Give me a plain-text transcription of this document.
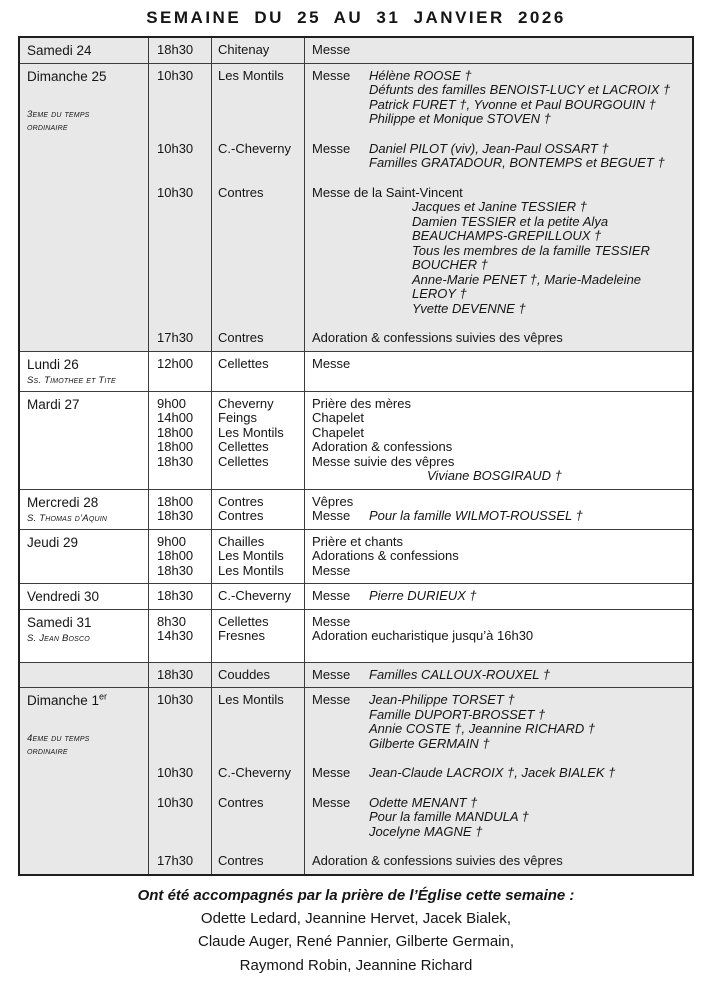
SEMAINE DU 25 AU 31 JANVIER 2026
Samedi 24	18h30	Chitenay	Messe
Dimanche 25
3eme du temps ordinaire
10h30	Les Montils	Messe Hélène ROOSE †
Défunts des familles BENOIST-LUCY et LACROIX †
Patrick FURET †, Yvonne et Paul BOURGOUIN †
Philippe et Monique STOVEN †
10h30	C.-Cheverny	Messe Daniel PILOT (viv), Jean-Paul OSSART †
Familles GRATADOUR, BONTEMPS et BEGUET †
10h30	Contres	Messe de la Saint-Vincent
Jacques et Janine TESSIER †
Damien TESSIER et la petite Alya BEAUCHAMPS-GREPILLOUX †
Tous les membres de la famille TESSIER BOUCHER †
Anne-Marie PENET †, Marie-Madeleine LEROY †
Yvette DEVENNE †
17h30	Contres	Adoration & confessions suivies des vêpres
Lundi 26
Ss. Timothee et Tite
12h00	Cellettes	Messe
Mardi 27	9h00	Cheverny	Prière des mères
14h00	Feings	Chapelet
18h00	Les Montils	Chapelet
18h00	Cellettes	Adoration & confessions
18h30	Cellettes	Messe suivie des vêpres
Viviane BOSGIRAUD †
Mercredi 28
S. Thomas d’Aquin
18h00	Contres	Vêpres
18h30	Contres	Messe Pour la famille WILMOT-ROUSSEL †
Jeudi 29	9h00	Chailles	Prière et chants
18h00	Les Montils	Adorations & confessions
18h30	Les Montils	Messe
Vendredi 30	18h30	C.-Cheverny	Messe Pierre DURIEUX †
Samedi 31
S. Jean Bosco
8h30	Cellettes	Messe
14h30	Fresnes	Adoration eucharistique jusqu’à 16h30
18h30	Couddes	Messe Familles CALLOUX-ROUXEL †
Dimanche 1er
4eme du temps ordinaire
10h30	Les Montils	Messe Jean-Philippe TORSET †
Famille DUPORT-BROSSET †
Annie COSTE †, Jeannine RICHARD †
Gilberte GERMAIN †
10h30	C.-Cheverny	Messe Jean-Claude LACROIX †, Jacek BIALEK †
10h30	Contres	Messe Odette MENANT †
Pour la famille MANDULA †
Jocelyne MAGNE †
17h30	Contres	Adoration & confessions suivies des vêpres
Ont été accompagnés par la prière de l’Église cette semaine :
Odette Ledard, Jeannine Hervet, Jacek Bialek,
Claude Auger, René Pannier, Gilberte Germain,
Raymond Robin, Jeannine Richard
